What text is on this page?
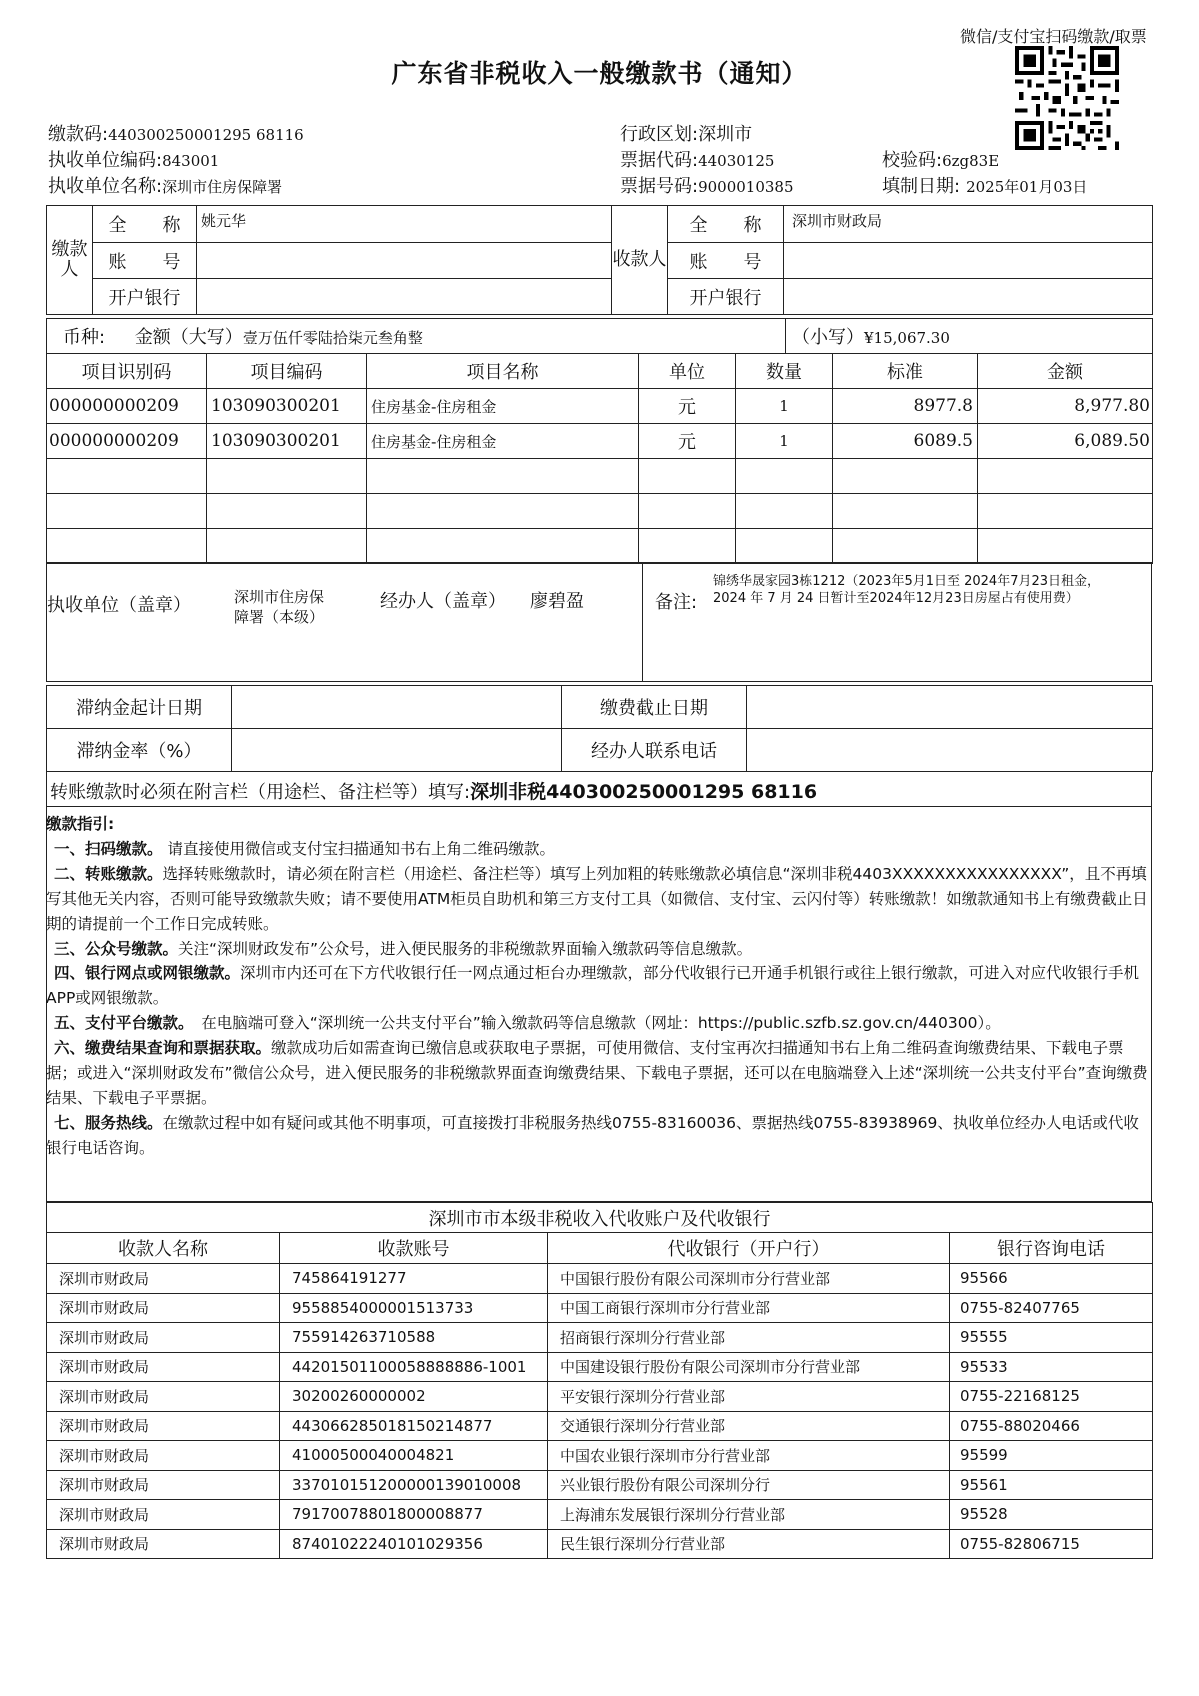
微信/支付宝扫码缴款/取票
广东省非税收入一般缴款书（通知）
缴款码:440300250001295 68116
执收单位编码:843001
执收单位名称:深圳市住房保障署
行政区划:深圳市
票据代码:44030125
票据号码:9000010385
校验码:6zg83E
填制日期: 2025年01月03日
缴款人	全　　称	姚元华	收款人	全　　称	深圳市财政局
	账　　号			账　　号	
	开户银行			开户银行	
币种: 金额（大写）壹万伍仟零陆拾柒元叁角整	（小写）¥15,067.30
项目识别码	项目编码	项目名称	单位	数量	标准	金额
000000000209	103090300201	住房基金-住房租金	元	1	8977.8	8,977.80
000000000209	103090300201	住房基金-住房租金	元	1	6089.5	6,089.50

执收单位（盖章）	深圳市住房保
障署（本级）
经办人（盖章） 廖碧盈	备注:
锦绣华晟家园3栋1212（2023年5月1日至 2024年7月23日租金，
2024 年 7 月 24 日暂计至2024年12月23日房屋占有使用费）
滞纳金起计日期		缴费截止日期	
滞纳金率（%）		经办人联系电话	
转账缴款时必须在附言栏（用途栏、备注栏等）填写:深圳非税440300250001295 68116

缴款指引:

一、扫码缴款。 请直接使用微信或支付宝扫描通知书右上角二维码缴款。

二、转账缴款。选择转账缴款时，请必须在附言栏（用途栏、备注栏等）填写上列加粗的转账缴款必填信息“深圳非税4403XXXXXXXXXXXXXXXX”，且不再填写其他无关内容，否则可能导致缴款失败；请不要使用ATM柜员自助机和第三方支付工具（如微信、支付宝、云闪付等）转账缴款！如缴款通知书上有缴费截止日期的请提前一个工作日完成转账。

三、公众号缴款。关注“深圳财政发布”公众号，进入便民服务的非税缴款界面输入缴款码等信息缴款。

四、银行网点或网银缴款。深圳市内还可在下方代收银行任一网点通过柜台办理缴款，部分代收银行已开通手机银行或往上银行缴款，可进入对应代收银行手机APP或网银缴款。

五、支付平台缴款。　在电脑端可登入“深圳统一公共支付平台”输入缴款码等信息缴款（网址：https://public.szfb.sz.gov.cn/440300）。

六、缴费结果查询和票据获取。缴款成功后如需查询已缴信息或获取电子票据，可使用微信、支付宝再次扫描通知书右上角二维码查询缴费结果、下载电子票据；或进入“深圳财政发布”微信公众号，进入便民服务的非税缴款界面查询缴费结果、下载电子票据，还可以在电脑端登入上述“深圳统一公共支付平台”查询缴费结果、下载电子平票据。

七、服务热线。在缴款过程中如有疑问或其他不明事项，可直接拨打非税服务热线0755-83160036、票据热线0755-83938969、执收单位经办人电话或代收银行电话咨询。

深圳市市本级非税收入代收账户及代收银行			
收款人名称	收款账号	代收银行（开户行）	银行咨询电话
深圳市财政局	745864191277	中国银行股份有限公司深圳市分行营业部	95566
深圳市财政局	9558854000001513733	中国工商银行深圳市分行营业部	0755-82407765
深圳市财政局	755914263710588	招商银行深圳分行营业部	95555
深圳市财政局	44201501100058888886-1001	中国建设银行股份有限公司深圳市分行营业部	95533
深圳市财政局	30200260000002	平安银行深圳分行营业部	0755-22168125
深圳市财政局	443066285018150214877	交通银行深圳分行营业部	0755-88020466
深圳市财政局	41000500040004821	中国农业银行深圳市分行营业部	95599
深圳市财政局	337010151200000139010008	兴业银行股份有限公司深圳分行	95561
深圳市财政局	79170078801800008877	上海浦东发展银行深圳分行营业部	95528
深圳市财政局	87401022240101029356	民生银行深圳分行营业部	0755-82806715
